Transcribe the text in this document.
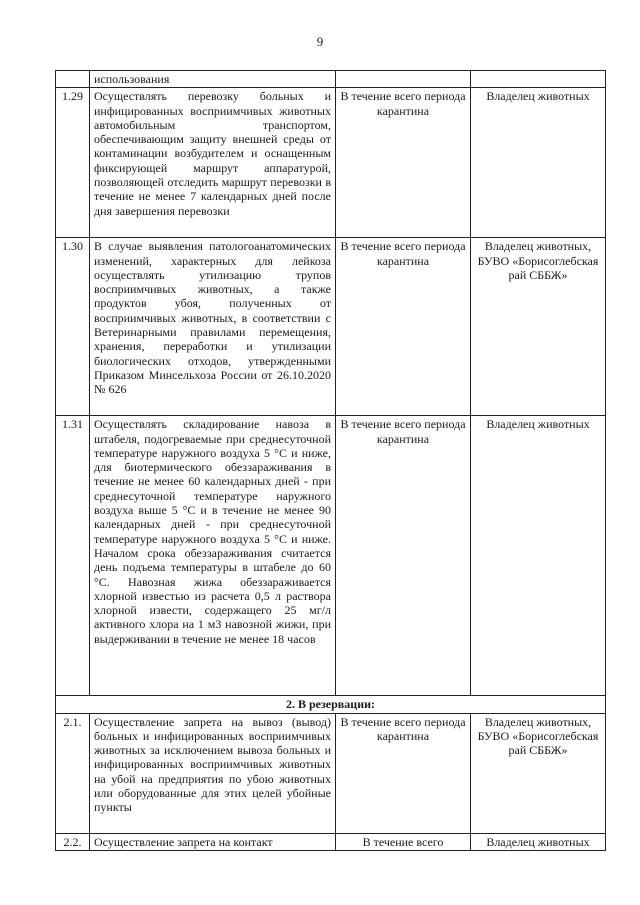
9
	использования		
1.29	Осуществлять перевозку больных и инфицированных восприимчивых животных автомобильным транспортом, обеспечивающим защиту внешней среды от контаминации возбудителем и оснащенным фиксирующей маршрут аппаратурой, позволяющей отследить маршрут перевозки в течение не менее 7 календарных дней после дня завершения перевозки	В течение всего периода карантина	Владелец животных
1.30	В случае выявления патологоанатомических изменений, характерных для лейкоза осуществлять утилизацию трупов восприимчивых животных, а также продуктов убоя, полученных от восприимчивых животных, в соответствии с Ветеринарными правилами перемещения, хранения, переработки и утилизации биологических отходов, утвержденными Приказом Минсельхоза России от 26.10.2020 № 626	В течение всего периода карантина	Владелец животных, БУВО «Борисоглебская рай СББЖ»
1.31	Осуществлять складирование навоза в штабеля, подогреваемые при среднесуточной температуре наружного воздуха 5 °С и ниже, для биотермического обеззараживания в течение не менее 60 календарных дней - при среднесуточной температуре наружного воздуха выше 5 °С и в течение не менее 90 календарных дней - при среднесуточной температуре наружного воздуха 5 °С и ниже. Началом срока обеззараживания считается день подъема температуры в штабеле до 60 °С. Навозная жижа обеззараживается хлорной известью из расчета 0,5 л раствора хлорной извести, содержащего 25 мг/л активного хлора на 1 м3 навозной жижи, при выдерживании в течение не менее 18 часов	В течение всего периода карантина	Владелец животных
2. В резервации:			
2.1.	Осуществление запрета на вывоз (вывод) больных и инфицированных восприимчивых животных за исключением вывоза больных и инфицированных восприимчивых животных на убой на предприятия по убою животных или оборудованные для этих целей убойные пункты	В течение всего периода карантина	Владелец животных, БУВО «Борисоглебская рай СББЖ»
2.2.	Осуществление запрета на контакт	В течение всего	Владелец животных
